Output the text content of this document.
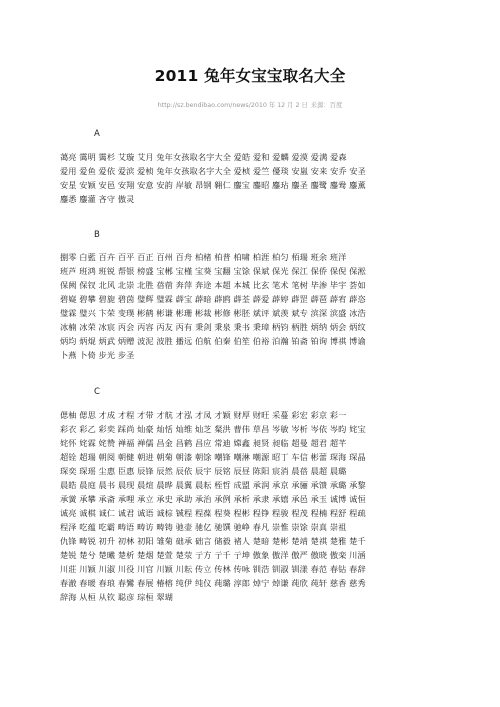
2011 兔年女宝宝取名大全
http://sz.bendibao.com/news/2010 年 12 月 2 日 来源：百度
A
蔼亮 霭明 霭杉 艾璇 艾月 兔年女孩取名字大全 爱皓 爱和 爱麟 爱漠 爱满 爱森
爱用 爱鱼 爱依 爱滨 爱桢 兔年女孩取名字大全 爱桢 爱竺 優琰 安嵐 安来 安乔 安圣
安星 安颖 安邑 安翔 安意 安韵 岸敏 昂钢 翱仁 鏖宝 鏖昭 鏖玷 鏖圣 鏖鹭 鏖鸯 鏖薰
鏖悉 鏖灌 吝守 傲灵
B
捌零 白藍 百卉 百平 百正 百州 百舟 柏楮 柏普 柏啸 柏涯 柏匀 栢瑞 班余 班洋
班芦 班鸿 班锐 帮银 榜盛 宝郴 宝槿 宝葵 宝翻 宝馀 保斌 保光 保江 保侨 保倪 保淞
保阙 保钗 北风 北崇 北胜 蓓蓿 奔萍 奔途 本超 本城 比玄 笔术 笔树 毕渗 毕宇 荟如
碧嶷 碧攀 碧旎 碧茵 璧辉 璧霖 薜宝 薜暗 薜鸥 薜荃 薜爱 薜婷 薜罡 薜琶 薜宥 薜恣
璧霖 璧兴 卞荣 变璞 彬鹤 彬谦 彬珊 彬裁 彬修 彬胚 斌评 斌羡 斌专 滨深 滨盛 冰浩
冰楠 冰荣 冰宸 丙会 丙容 丙友 丙有 秉剑 秉泉 秉书 秉璋 柄钧 柄胜 炳纳 炳会 炳纹
炳均 炳焜 炳武 炳赠 波泥 波胜 播远 伯航 伯秦 伯笙 伯裕 泊瀚 铂斋 铂询 博祺 博谕
卜燕 卜倚 步光 步圣
C
偲柚 偲思 才成 才程 才带 才航 才泓 才凤 才颖 财厚 财旺 采蔓 彩宏 彩京 彩一
彩衣 彩乙 彩奕 踩尚 灿豪 灿恬 灿维 灿芝 粲洪 曹伟 草昌 岑敏 岑析 岑依 岑昀 姹宝
姹怀 姹霖 姹赞 禅福 禅儒 昌金 昌鹤 昌应 常迪 嫦鑫 昶贤 昶临 超曼 超君 超芊
超铨 超瑞 朝阅 朝健 朝进 朝菊 朝漆 朝馀 嘲锋 嘲淋 嘲源 昭丁 车信 彬蕾 琛海 琛晶
琛奕 琛瑶 尘惠 臣惠 辰锋 辰然 辰依 辰宇 辰铭 辰昼 陈阳 宸消 晨蓓 晨超 晨璐
晨皓 晨庭 晨书 晨现 晨煊 晨晔 晨翼 晨耘 桎哲 成盟 承润 承京 承骊 承馈 承璐 承黎
承黉 承攀 承斋 承哩 承立 承史 承助 承治 承例 承析 承隶 承嬉 承邑 承玉 诚博 诚恒
诚亮 诚棋 诚仁 诚君 诚语 诚棕 铖程 程葆 程葵 程彬 程铮 程骏 程茂 程楠 程舒 程疏
程泽 吃蕴 吃霸 畴语 畴访 畴铸 驰壶 驰亿 驰馔 驰峥 春凡 崇惟 崇馀 崇真 崇祖
仇锋 畴锐 初升 初林 初阳 雏菊 础承 础言 储毅 褚人 楚暗 楚彬 楚靖 楚祺 楚雅 楚千
楚锐 楚兮 楚曦 楚析 楚烟 楚萱 楚荥 亍方 亍千 亍坤 傲象 傲洋 傲严 傲晓 傲栾 川涵
川莊 川颖 川淑 川役 川官 川颖 川耘 传立 传林 传咏 钏浩 钏淑 钏漾 春范 春钻 春辞
春澈 春暖 春琅 春鸞 春展 椿榕 纯伊 纯仪 莼璐 淳郎 焯宁 焯谦 莼欣 莼轩 慈香 慈秀
辞海 从桓 从钦 聪彦 琮桓 翠瑚
